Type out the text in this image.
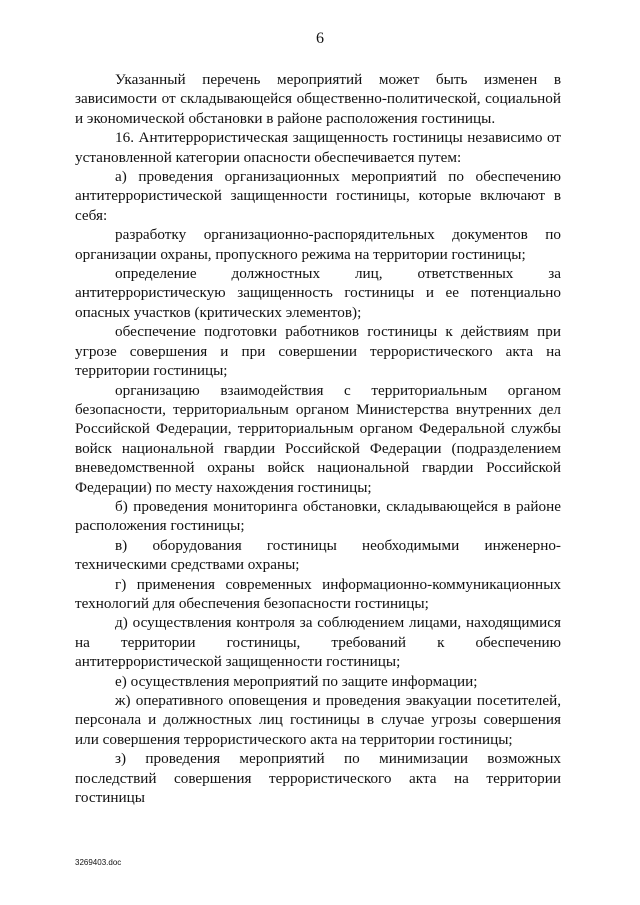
6

Указанный перечень мероприятий может быть изменен в зависимости от складывающейся общественно-политической, социальной и экономической обстановки в районе расположения гостиницы.

16. Антитеррористическая защищенность гостиницы независимо от установленной категории опасности обеспечивается путем:

а) проведения организационных мероприятий по обеспечению антитеррористической защищенности гостиницы, которые включают в себя:

разработку организационно-распорядительных документов по организации охраны, пропускного режима на территории гостиницы;

определение должностных лиц, ответственных за антитеррористическую защищенность гостиницы и ее потенциально опасных участков (критических элементов);

обеспечение подготовки работников гостиницы к действиям при угрозе совершения и при совершении террористического акта на территории гостиницы;

организацию взаимодействия с территориальным органом безопасности, территориальным органом Министерства внутренних дел Российской Федерации, территориальным органом Федеральной службы войск национальной гвардии Российской Федерации (подразделением вневедомственной охраны войск национальной гвардии Российской Федерации) по месту нахождения гостиницы;

б) проведения мониторинга обстановки, складывающейся в районе расположения гостиницы;

в) оборудования гостиницы необходимыми инженерно-техническими средствами охраны;

г) применения современных информационно-коммуникационных технологий для обеспечения безопасности гостиницы;

д) осуществления контроля за соблюдением лицами, находящимися на территории гостиницы, требований к обеспечению антитеррористической защищенности гостиницы;

е) осуществления мероприятий по защите информации;

ж) оперативного оповещения и проведения эвакуации посетителей, персонала и должностных лиц гостиницы в случае угрозы совершения или совершения террористического акта на территории гостиницы;

з) проведения мероприятий по минимизации возможных последствий совершения террористического акта на территории гостиницы

3269403.doc
